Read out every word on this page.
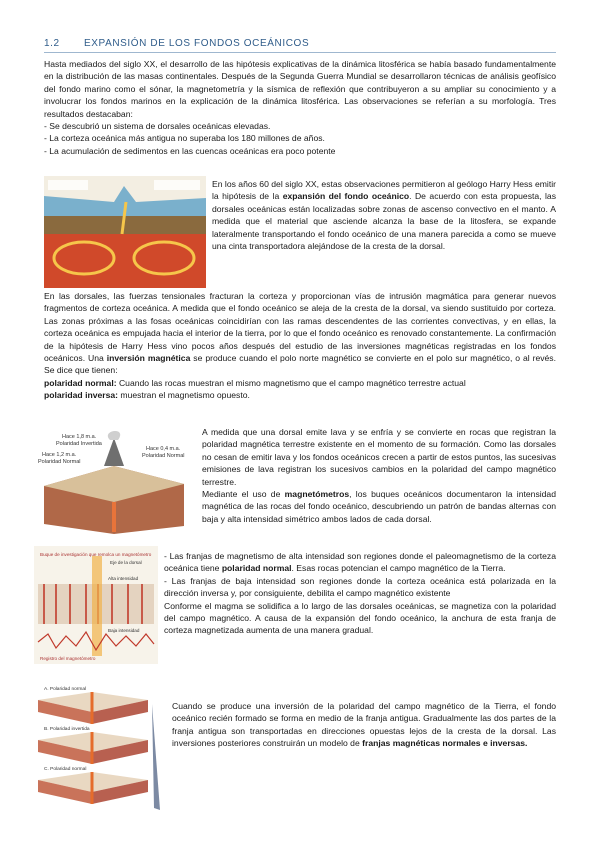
1.2 EXPANSIÓN DE LOS FONDOS OCEÁNICOS

Hasta mediados del siglo XX, el desarrollo de las hipótesis explicativas de la dinámica litosférica se había basado fundamentalmente en la distribución de las masas continentales. Después de la Segunda Guerra Mundial se desarrollaron técnicas de análisis geofísico del fondo marino como el sónar, la magnetometría y la sísmica de reflexión que contribuyeron a su ampliar su conocimiento y a involucrar los fondos marinos en la explicación de la dinámica litosférica. Las observaciones se referían a su morfología. Tres resultados destacaban:

- Se descubrió un sistema de dorsales oceánicas elevadas.

- La corteza oceánica más antigua no superaba los 180 millones de años.

- La acumulación de sedimentos en las cuencas oceánicas era poco potente

En los años 60 del siglo XX, estas observaciones permitieron al geólogo Harry Hess emitir la hipótesis de la expansión del fondo oceánico. De acuerdo con esta propuesta, las dorsales oceánicas están localizadas sobre zonas de ascenso convectivo en el manto. A medida que el material que asciende alcanza la base de la litosfera, se expande lateralmente transportando el fondo oceánico de una manera parecida a como se mueve una cinta transportadora alejándose de la cresta de la dorsal.

En las dorsales, las fuerzas tensionales fracturan la corteza y proporcionan vías de intrusión magmática para generar nuevos fragmentos de corteza oceánica. A medida que el fondo oceánico se aleja de la cresta de la dorsal, va siendo sustituido por corteza. Las zonas próximas a las fosas oceánicas coincidirían con las ramas descendentes de las corrientes convectivas, y en ellas, la corteza oceánica es empujada hacia el interior de la tierra, por lo que el fondo oceánico es renovado constantemente. La confirmación de la hipótesis de Harry Hess vino pocos años después del estudio de las inversiones magnéticas registradas en los fondos oceánicos. Una inversión magnética se produce cuando el polo norte magnético se convierte en el polo sur magnético, o al revés. Se dice que tienen:

polaridad normal: Cuando las rocas muestran el mismo magnetismo que el campo magnético terrestre actual

polaridad inversa: muestran el magnetismo opuesto.

Hace 1,8 m.a.
Polaridad Invertida
Hace 1,2 m.a.
Polaridad Normal
Hace 0,4 m.a.
Polaridad Normal

A medida que una dorsal emite lava y se enfría y se convierte en rocas que registran la polaridad magnética terrestre existente en el momento de su formación. Como las dorsales no cesan de emitir lava y los fondos oceánicos crecen a partir de estos puntos, las sucesivas emisiones de lava registran los sucesivos cambios en la polaridad del campo magnético terrestre.

Mediante el uso de magnetómetros, los buques oceánicos documentaron la intensidad magnética de las rocas del fondo oceánico, descubriendo un patrón de bandas alternas con baja y alta intensidad simétrico ambos lados de cada dorsal.

Buque de investigación que remolca un magnetómetro
Eje de la dorsal
Alta intensidad
Baja intensidad
Registro del magnetómetro

- Las franjas de magnetismo de alta intensidad son regiones donde el paleomagnetismo de la corteza oceánica tiene polaridad normal. Esas rocas potencian el campo magnético de la Tierra.

- Las franjas de baja intensidad son regiones donde la corteza oceánica está polarizada en la dirección inversa y, por consiguiente, debilita el campo magnético existente

Conforme el magma se solidifica a lo largo de las dorsales oceánicas, se magnetiza con la polaridad del campo magnético. A causa de la expansión del fondo oceánico, la anchura de esta franja de corteza magnetizada aumenta de una manera gradual.

A. Polaridad normal
B. Polaridad invertida
C. Polaridad normal

Cuando se produce una inversión de la polaridad del campo magnético de la Tierra, el fondo oceánico recién formado se forma en medio de la franja antigua. Gradualmente las dos partes de la franja antigua son transportadas en direcciones opuestas lejos de la cresta de la dorsal. Las inversiones posteriores construirán un modelo de franjas magnéticas normales e inversas.
